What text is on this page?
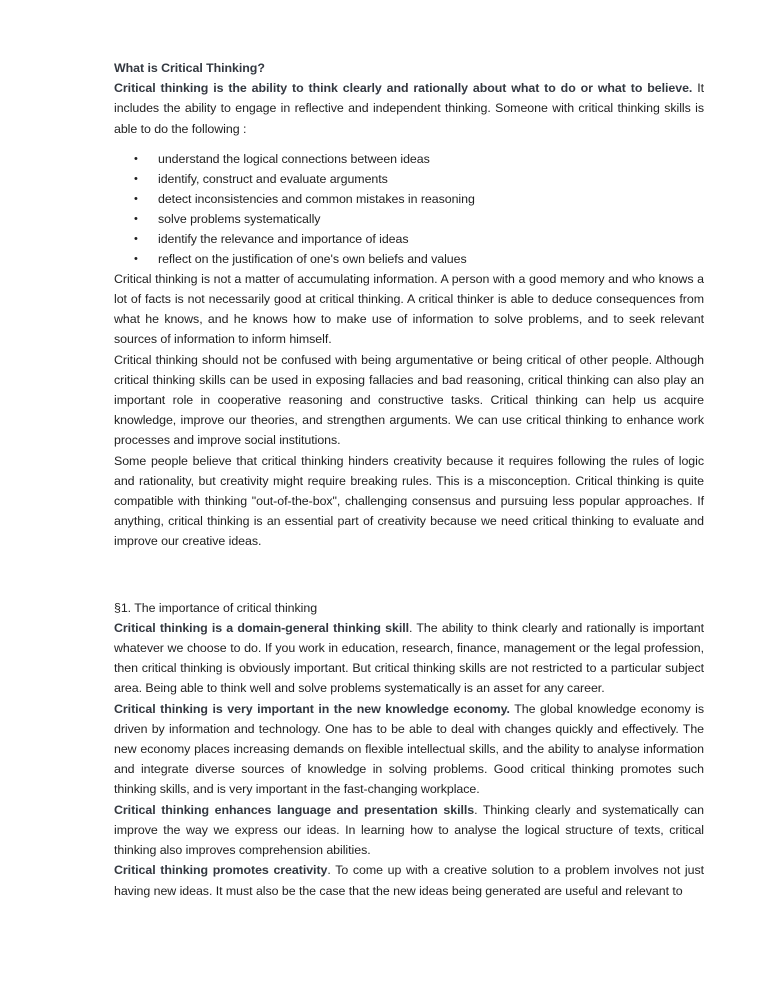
What is Critical Thinking?

Critical thinking is the ability to think clearly and rationally about what to do or what to believe. It includes the ability to engage in reflective and independent thinking. Someone with critical thinking skills is able to do the following :

• understand the logical connections between ideas
• identify, construct and evaluate arguments
• detect inconsistencies and common mistakes in reasoning
• solve problems systematically
• identify the relevance and importance of ideas
• reflect on the justification of one's own beliefs and values

Critical thinking is not a matter of accumulating information. A person with a good memory and who knows a lot of facts is not necessarily good at critical thinking. A critical thinker is able to deduce consequences from what he knows, and he knows how to make use of information to solve problems, and to seek relevant sources of information to inform himself.

Critical thinking should not be confused with being argumentative or being critical of other people. Although critical thinking skills can be used in exposing fallacies and bad reasoning, critical thinking can also play an important role in cooperative reasoning and constructive tasks. Critical thinking can help us acquire knowledge, improve our theories, and strengthen arguments. We can use critical thinking to enhance work processes and improve social institutions.

Some people believe that critical thinking hinders creativity because it requires following the rules of logic and rationality, but creativity might require breaking rules. This is a misconception. Critical thinking is quite compatible with thinking "out-of-the-box", challenging consensus and pursuing less popular approaches. If anything, critical thinking is an essential part of creativity because we need critical thinking to evaluate and improve our creative ideas.

§1. The importance of critical thinking

Critical thinking is a domain-general thinking skill. The ability to think clearly and rationally is important whatever we choose to do. If you work in education, research, finance, management or the legal profession, then critical thinking is obviously important. But critical thinking skills are not restricted to a particular subject area. Being able to think well and solve problems systematically is an asset for any career.

Critical thinking is very important in the new knowledge economy. The global knowledge economy is driven by information and technology. One has to be able to deal with changes quickly and effectively. The new economy places increasing demands on flexible intellectual skills, and the ability to analyse information and integrate diverse sources of knowledge in solving problems. Good critical thinking promotes such thinking skills, and is very important in the fast-changing workplace.

Critical thinking enhances language and presentation skills. Thinking clearly and systematically can improve the way we express our ideas. In learning how to analyse the logical structure of texts, critical thinking also improves comprehension abilities.

Critical thinking promotes creativity. To come up with a creative solution to a problem involves not just having new ideas. It must also be the case that the new ideas being generated are useful and relevant to
